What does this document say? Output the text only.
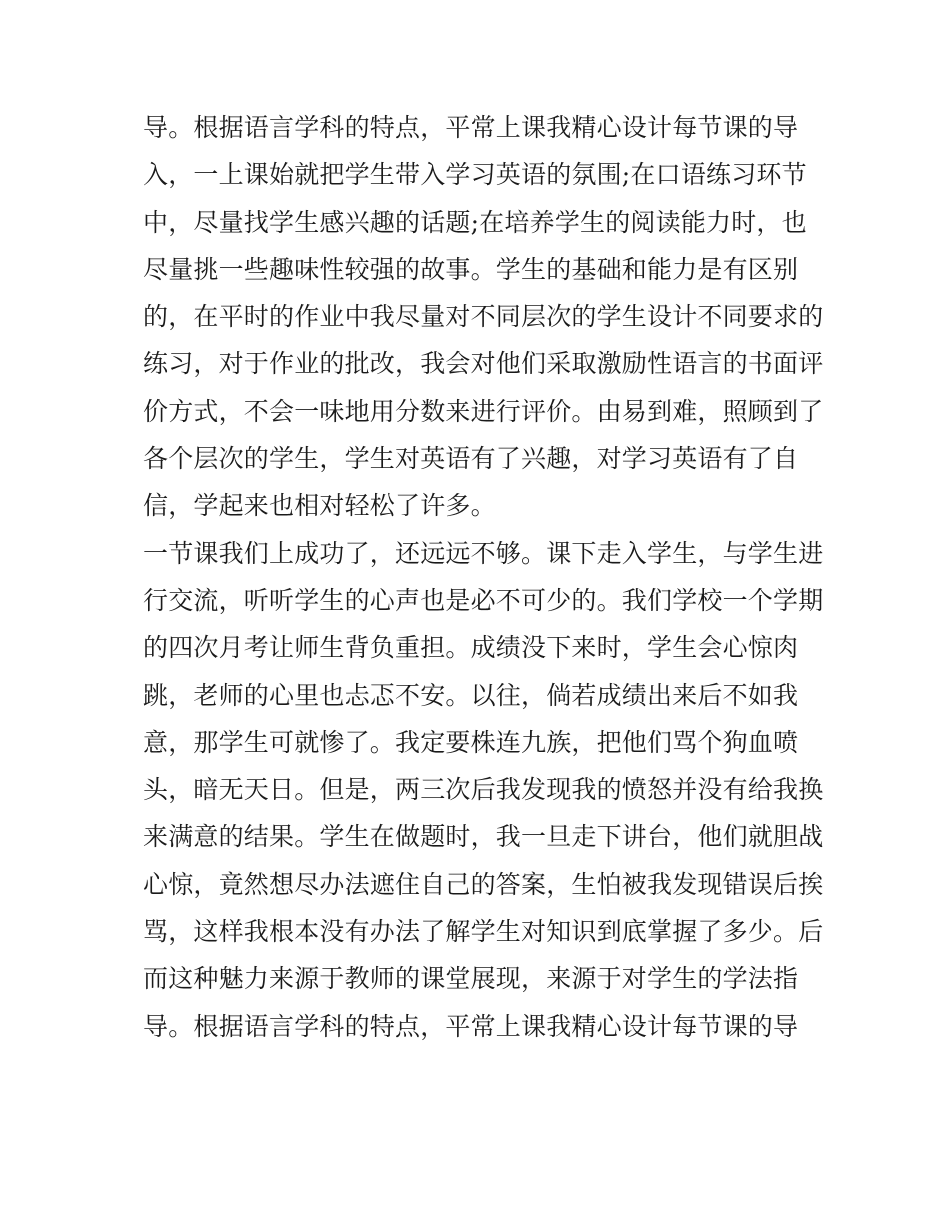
导。根据语言学科的特点，平常上课我精心设计每节课的导
入，一上课始就把学生带入学习英语的氛围;在口语练习环节
中，尽量找学生感兴趣的话题;在培养学生的阅读能力时，也
尽量挑一些趣味性较强的故事。学生的基础和能力是有区别
的，在平时的作业中我尽量对不同层次的学生设计不同要求的
练习，对于作业的批改，我会对他们采取激励性语言的书面评
价方式，不会一味地用分数来进行评价。由易到难，照顾到了
各个层次的学生，学生对英语有了兴趣，对学习英语有了自
信，学起来也相对轻松了许多。
一节课我们上成功了，还远远不够。课下走入学生，与学生进
行交流，听听学生的心声也是必不可少的。我们学校一个学期
的四次月考让师生背负重担。成绩没下来时，学生会心惊肉
跳，老师的心里也忐忑不安。以往，倘若成绩出来后不如我
意，那学生可就惨了。我定要株连九族，把他们骂个狗血喷
头，暗无天日。但是，两三次后我发现我的愤怒并没有给我换
来满意的结果。学生在做题时，我一旦走下讲台，他们就胆战
心惊，竟然想尽办法遮住自己的答案，生怕被我发现错误后挨
骂，这样我根本没有办法了解学生对知识到底掌握了多少。后
而这种魅力来源于教师的课堂展现，来源于对学生的学法指
导。根据语言学科的特点，平常上课我精心设计每节课的导
